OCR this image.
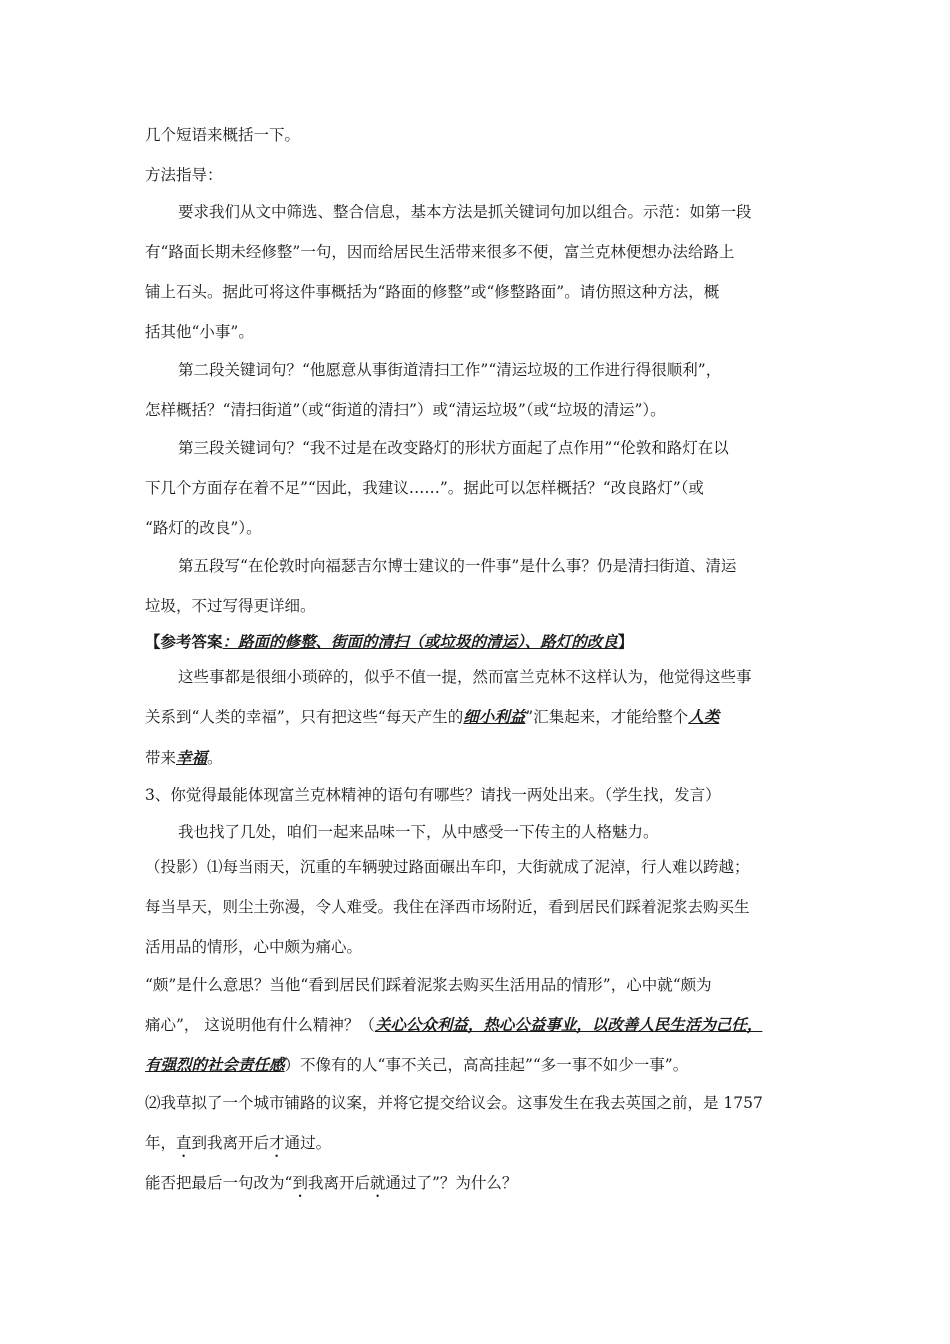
几个短语来概括一下。
方法指导：
要求我们从文中筛选、整合信息，基本方法是抓关键词句加以组合。示范：如第一段
有“路面长期未经修整”一句，因而给居民生活带来很多不便，富兰克林便想办法给路上
铺上石头。据此可将这件事概括为“路面的修整”或“修整路面”。请仿照这种方法，概
括其他“小事”。
第二段关键词句？“他愿意从事街道清扫工作”“清运垃圾的工作进行得很顺利”，
怎样概括？“清扫街道”（或“街道的清扫”）或“清运垃圾”（或“垃圾的清运”）。
第三段关键词句？“我不过是在改变路灯的形状方面起了点作用”“伦敦和路灯在以
下几个方面存在着不足”“因此，我建议……”。据此可以怎样概括？“改良路灯”（或
“路灯的改良”）。
第五段写“在伦敦时向福瑟吉尔博士建议的一件事”是什么事？仍是清扫街道、清运
垃圾，不过写得更详细。
【参考答案：路面的修整、街面的清扫（或垃圾的清运）、路灯的改良】
这些事都是很细小琐碎的，似乎不值一提，然而富兰克林不这样认为，他觉得这些事
关系到“人类的幸福”，只有把这些“每天产生的细小利益”汇集起来，才能给整个人类
带来幸福。
3、你觉得最能体现富兰克林精神的语句有哪些？请找一两处出来。（学生找，发言）
我也找了几处，咱们一起来品味一下，从中感受一下传主的人格魅力。
（投影）⑴每当雨天，沉重的车辆驶过路面碾出车印，大街就成了泥淖，行人难以跨越；
每当旱天，则尘土弥漫，令人难受。我住在泽西市场附近，看到居民们踩着泥浆去购买生
活用品的情形，心中颇为痛心。
“颇”是什么意思？当他“看到居民们踩着泥浆去购买生活用品的情形”，心中就“颇为
痛心”， 这说明他有什么精神？（关心公众利益，热心公益事业，以改善人民生活为己任，
有强烈的社会责任感）不像有的人“事不关己，高高挂起”“多一事不如少一事”。
⑵我草拟了一个城市铺路的议案，并将它提交给议会。这事发生在我去英国之前，是 1757
年，直到我离开后才通过。
能否把最后一句改为“到我离开后就通过了”？为什么？
